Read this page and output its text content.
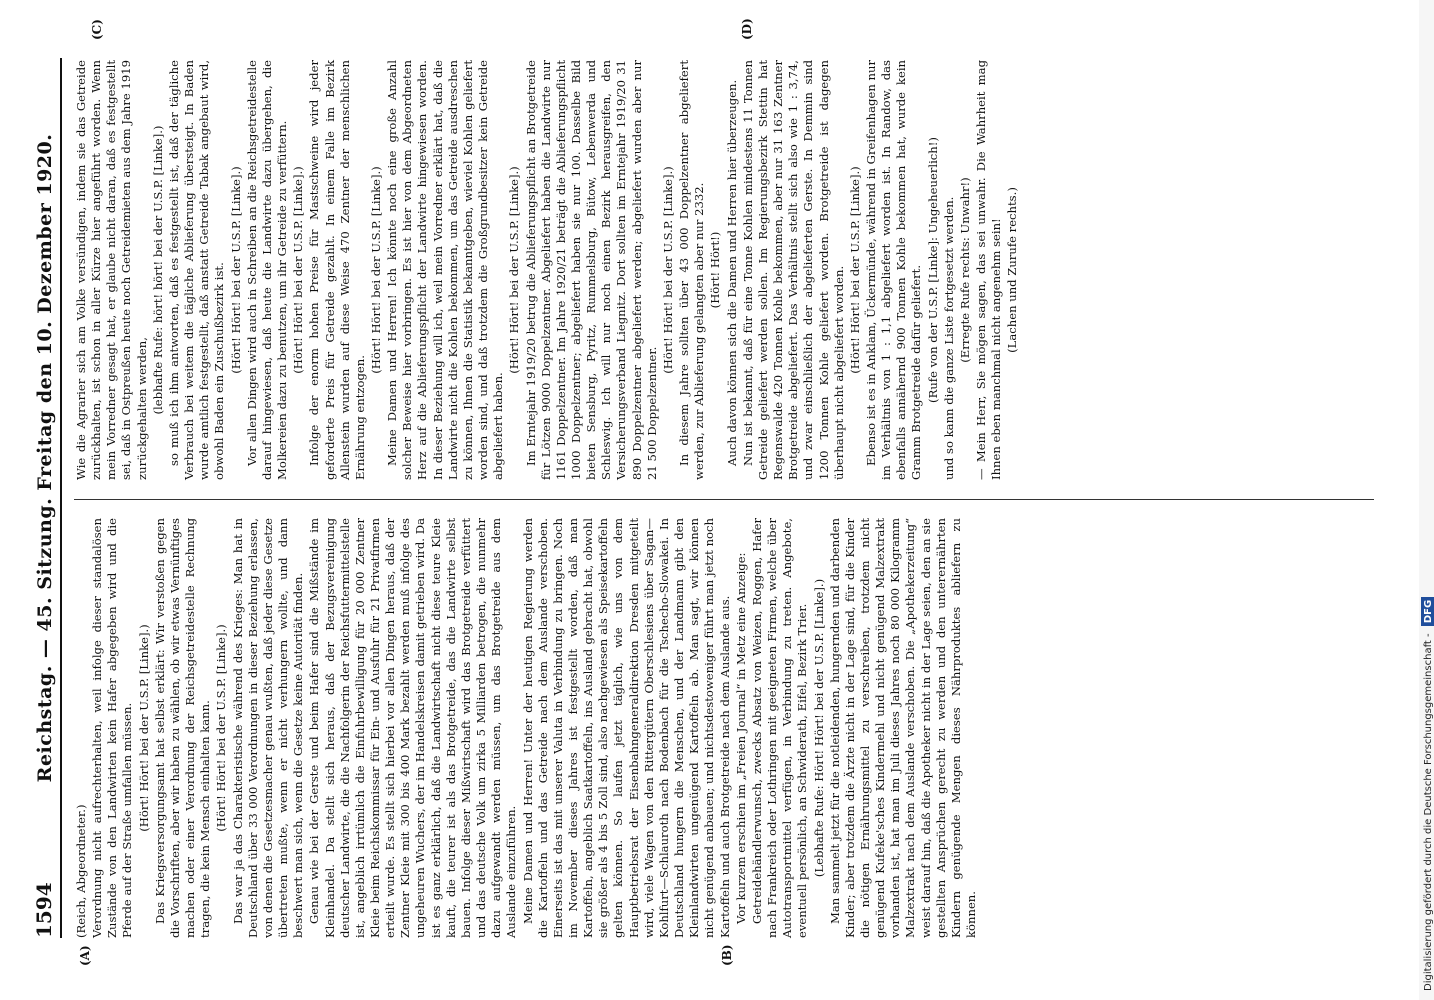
1594
Reichstag. — 45. Sitzung. Freitag den 10. Dezember 1920.
(A)	(B)
(C)	(D)

(Reich, Abgeordneter.) Verordnung nicht aufrechterhalten, weil infolge dieser standalösen Zustände von den Landwirten kein Hafer abgegeben wird und die Pferde auf der Straße umfallen müssen. (Hört! Hört! bei der U.S.P. [Linke].) Das Kriegsversorgungsamt hat selbst erklärt: Wir verstoßen gegen die Vorschriften, aber wir haben zu wählen, ob wir etwas Vernünftiges machen oder einer Verordnung der Reichsgetreidestelle Rechnung tragen, die kein Mensch einhalten kann. (Hört! Hört! bei der U.S.P. [Linke].) Das war ja das Charakteristische während des Krieges: Man hat in Deutschland über 33 000 Verordnungen in dieser Beziehung erlassen, von denen die Gesetzesmacher genau wußten, daß jeder diese Gesetze übertreten mußte, wenn er nicht verhungern wollte, und dann beschwert man sich, wenn die Gesetze keine Autorität finden. Genau wie bei der Gerste und beim Hafer sind die Mißstände im Kleinhandel. Da stellt sich heraus, daß der Bezugsvereinigung deutscher Landwirte, die die Nachfolgerin der Reichsfuttermittelstelle ist, angeblich irrtümlich die Einfuhrbewilligung für 20 000 Zentner Kleie beim Reichskommissar für Ein- und Ausfuhr für 21 Privatfirmen erteilt wurde. Es stellt sich hierbei vor allen Dingen heraus, daß der Zentner Kleie mit 300 bis 400 Mark bezahlt werden muß infolge des ungeheuren Wuchers, der im Handelskreisen damit getrieben wird. Da ist es ganz erklärlich, daß die Landwirtschaft nicht diese teure Kleie kauft, die teurer ist als das Brotgetreide, das die Landwirte selbst bauen. Infolge dieser Mißwirtschaft wird das Brotgetreide verfüttert und das deutsche Volk um zirka 5 Milliarden betrogen, die nunmehr dazu aufgewandt werden müssen, um das Brotgetreide aus dem Auslande einzuführen. Meine Damen und Herren! Unter der heutigen Regierung werden die Kartoffeln und das Getreide nach dem Auslande verschoben. Einerseits ist das mit unserer Valuta in Verbindung zu bringen. Noch im November dieses Jahres ist festgestellt worden, daß man Kartoffeln, angeblich Saatkartoffeln, ins Ausland gebracht hat, obwohl sie größer als 4 bis 5 Zoll sind, also nachgewiesen als Speisekartoffeln gelten können. So laufen jetzt täglich, wie uns von dem Hauptbetriebsrat der Eisenbahngeneraldirektion Dresden mitgeteilt wird, viele Wagen von den Rittergütern Oberschlesiens über Sagan—Kohlfurt—Schlauroth nach Bodenbach für die Tschecho-Slowakei. In Deutschland hungern die Menschen, und der Landmann gibt den Kleinlandwirten ungenügend Kartoffeln ab. Man sagt, wir können nicht genügend anbauen; und nichtsdestoweniger führt man jetzt noch Kartoffeln und auch Brotgetreide nach dem Auslande aus. Vor kurzem erschien im „Freien Journal“ in Metz eine Anzeige: Getreidehändlerwunsch, zwecks Absatz von Weizen, Roggen, Hafer nach Frankreich oder Lothringen mit geeigneten Firmen, welche über Autotransportmittel verfügen, in Verbindung zu treten. Angebote, eventuell persönlich, an Schwiderath, Eifel, Bezirk Trier. (Lebhafte Rufe: Hört! Hört! bei der U.S.P. [Linke].) Man sammelt jetzt für die notleidenden, hungernden und darbenden Kinder; aber trotzdem die Ärzte nicht in der Lage sind, für die Kinder die nötigen Ernährungsmittel zu verschreiben, trotzdem nicht genügend Kufeke'sches Kindermehl und nicht genügend Malzextrakt vorhanden ist, hat man im Juli dieses Jahres noch 80 000 Kilogramm Malzextrakt nach dem Auslande verschoben. Die „Apothekerzeitung“ weist darauf hin, daß die Apotheker nicht in der Lage seien, den an sie gestellten Ansprüchen gerecht zu werden und den unterernährten Kindern genügende Mengen dieses Nährproduktes abliefern zu können.

Wie die Agrarier sich am Volke versündigen, indem sie das Getreide zurückhalten, ist schon in aller Kürze hier angeführt worden. Wenn mein Vorredner gesagt hat, er glaube nicht daran, daß es festgestellt sei, daß in Ostpreußen heute noch Getreidemieten aus dem Jahre 1919 zurückgehalten werden, (lebhafte Rufe: hört! hört! bei der U.S.P. [Linke].) so muß ich ihm antworten, daß es festgestellt ist, daß der tägliche Verbrauch bei weitem die tägliche Ablieferung übersteigt. In Baden wurde amtlich festgestellt, daß anstatt Getreide Tabak angebaut wird, obwohl Baden ein Zuschußbezirk ist. (Hört! Hört! bei der U.S.P. [Linke].) Vor allen Dingen wird auch in Schreiben an die Reichsgetreidestelle darauf hingewiesen, daß heute die Landwirte dazu übergehen, die Molkereien dazu zu benutzen, um ihr Getreide zu verfüttern. (Hört! Hört! bei der U.S.P. [Linke].) Infolge der enorm hohen Preise für Mastschweine wird jeder geforderte Preis für Getreide gezahlt. In einem Falle im Bezirk Allenstein wurden auf diese Weise 470 Zentner der menschlichen Ernährung entzogen.

(Hört! Hört! bei der U.S.P. [Linke].) Meine Damen und Herren! Ich könnte noch eine große Anzahl solcher Beweise hier vorbringen. Es ist hier von dem Abgeordneten Herz auf die Ablieferungspflicht der Landwirte hingewiesen worden. In dieser Beziehung will ich, weil mein Vorredner erklärt hat, daß die Landwirte nicht die Kohlen bekommen, um das Getreide ausdreschen zu können, Ihnen die Statistik bekanntgeben, wieviel Kohlen geliefert worden sind, und daß trotzdem die Großgrundbesitzer kein Getreide abgeliefert haben.

(Hört! Hört! bei der U.S.P. [Linke].) Im Erntejahr 1919/20 betrug die Ablieferungspflicht an Brotgetreide für Lötzen 9000 Doppelzentner. Abgeliefert haben die Landwirte nur 1161 Doppelzentner. Im Jahre 1920/21 beträgt die Ablieferungspflicht 1000 Doppelzentner; abgeliefert haben sie nur 100. Dasselbe Bild bieten Sensburg, Pyritz, Rummelsburg, Bütow, Lebenwerda und Schleswig. Ich will nur noch einen Bezirk herausgreifen, den Versicherungsverband Liegnitz. Dort sollten im Erntejahr 1919/20 31 890 Doppelzentner abgeliefert werden; abgeliefert wurden aber nur 21 500 Doppelzentner.

(Hört! Hört! bei der U.S.P. [Linke].) In diesem Jahre sollten über 43 000 Doppelzentner abgeliefert werden, zur Ablieferung gelangten aber nur 2332. (Hört! Hört!) Auch davon können sich die Damen und Herren hier überzeugen. Nun ist bekannt, daß für eine Tonne Kohlen mindestens 11 Tonnen Getreide geliefert werden sollen. Im Regierungsbezirk Stettin hat Regenswalde 420 Tonnen Kohle bekommen, aber nur 31 163 Zentner Brotgetreide abgeliefert. Das Verhältnis stellt sich also wie 1 : 3,74, und zwar einschließlich der abgelieferten Gerste. In Demmin sind 1200 Tonnen Kohle geliefert worden. Brotgetreide ist dagegen überhaupt nicht abgeliefert worden. (Hört! Hört! bei der U.S.P. [Linke].) Ebenso ist es in Anklam, Ückermünde, während in Greifenhagen nur im Verhältnis von 1 : 1,1 abgeliefert worden ist. In Randow, das ebenfalls annähernd 900 Tonnen Kohle bekommen hat, wurde kein Gramm Brotgetreide dafür geliefert. (Rufe von der U.S.P. [Linke]: Ungeheuerlich!) und so kann die ganze Liste fortgesetzt werden. (Erregte Rufe rechts: Unwahr!) — Mein Herr, Sie mögen sagen, das sei unwahr. Die Wahrheit mag Ihnen eben manchmal nicht angenehm sein! (Lachen und Zurufe rechts.)

Digitalisierung gefördert durch die Deutsche Forschungsgemeinschaft - DFG
